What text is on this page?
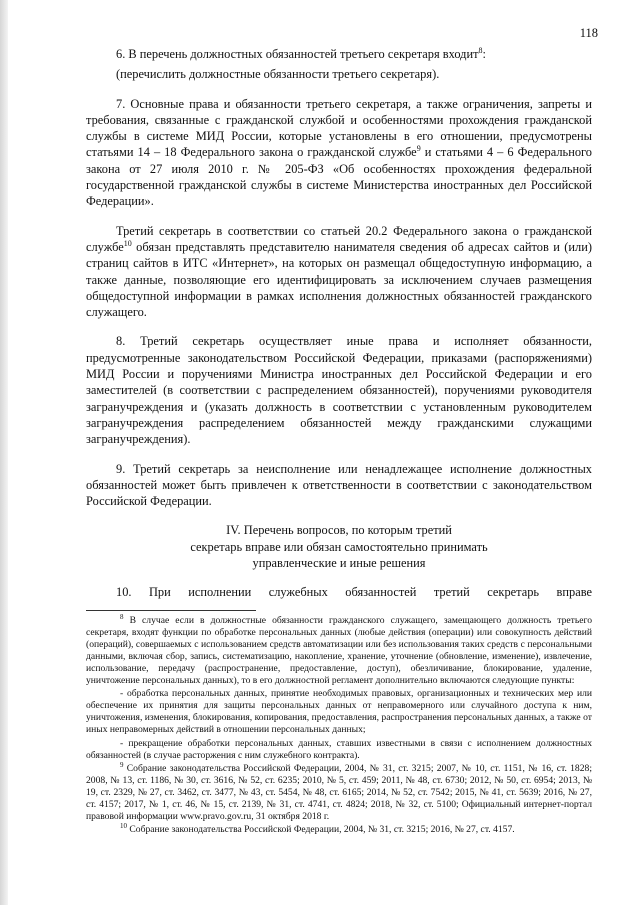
118

6. В перечень должностных обязанностей третьего секретаря входит$^8$:

(перечислить должностные обязанности третьего секретаря).

7. Основные права и обязанности третьего секретаря, а также ограничения, запреты и требования, связанные с гражданской службой и особенностями прохождения гражданской службы в системе МИД России, которые установлены в его отношении, предусмотрены статьями 14 – 18 Федерального закона о гражданской службе$^9$ и статьями 4 – 6 Федерального закона от 27 июля 2010 г. № 205-ФЗ «Об особенностях прохождения федеральной государственной гражданской службы в системе Министерства иностранных дел Российской Федерации».

Третий секретарь в соответствии со статьей 20.2 Федерального закона о гражданской службе$^{10}$ обязан представлять представителю нанимателя сведения об адресах сайтов и (или) страниц сайтов в ИТС «Интернет», на которых он размещал общедоступную информацию, а также данные, позволяющие его идентифицировать за исключением случаев размещения общедоступной информации в рамках исполнения должностных обязанностей гражданского служащего.

8. Третий секретарь осуществляет иные права и исполняет обязанности, предусмотренные законодательством Российской Федерации, приказами (распоряжениями) МИД России и поручениями Министра иностранных дел Российской Федерации и его заместителей (в соответствии с распределением обязанностей), поручениями руководителя загранучреждения и (указать должность в соответствии с установленным руководителем загранучреждения распределением обязанностей между гражданскими служащими загранучреждения).

9. Третий секретарь за неисполнение или ненадлежащее исполнение должностных обязанностей может быть привлечен к ответственности в соответствии с законодательством Российской Федерации.

IV. Перечень вопросов, по которым третий
секретарь вправе или обязан самостоятельно принимать
управленческие и иные решения

10. При исполнении служебных обязанностей третий секретарь вправе

$^8$ В случае если в должностные обязанности гражданского служащего, замещающего должность третьего секретаря, входят функции по обработке персональных данных (любые действия (операции) или совокупность действий (операций), совершаемых с использованием средств автоматизации или без использования таких средств с персональными данными, включая сбор, запись, систематизацию, накопление, хранение, уточнение (обновление, изменение), извлечение, использование, передачу (распространение, предоставление, доступ), обезличивание, блокирование, удаление, уничтожение персональных данных), то в его должностной регламент дополнительно включаются следующие пункты:

- обработка персональных данных, принятие необходимых правовых, организационных и технических мер или обеспечение их принятия для защиты персональных данных от неправомерного или случайного доступа к ним, уничтожения, изменения, блокирования, копирования, предоставления, распространения персональных данных, а также от иных неправомерных действий в отношении персональных данных;

- прекращение обработки персональных данных, ставших известными в связи с исполнением должностных обязанностей (в случае расторжения с ним служебного контракта).

$^9$ Собрание законодательства Российской Федерации, 2004, № 31, ст. 3215; 2007, № 10, ст. 1151, № 16, ст. 1828; 2008, № 13, ст. 1186, № 30, ст. 3616, № 52, ст. 6235; 2010, № 5, ст. 459; 2011, № 48, ст. 6730; 2012, № 50, ст. 6954; 2013, № 19, ст. 2329, № 27, ст. 3462, ст. 3477, № 43, ст. 5454, № 48, ст. 6165; 2014, № 52, ст. 7542; 2015, № 41, ст. 5639; 2016, № 27, ст. 4157; 2017, № 1, ст. 46, № 15, ст. 2139, № 31, ст. 4741, ст. 4824; 2018, № 32, ст. 5100; Официальный интернет-портал правовой информации www.pravo.gov.ru, 31 октября 2018 г.

$^{10}$ Собрание законодательства Российской Федерации, 2004, № 31, ст. 3215; 2016, № 27, ст. 4157.
